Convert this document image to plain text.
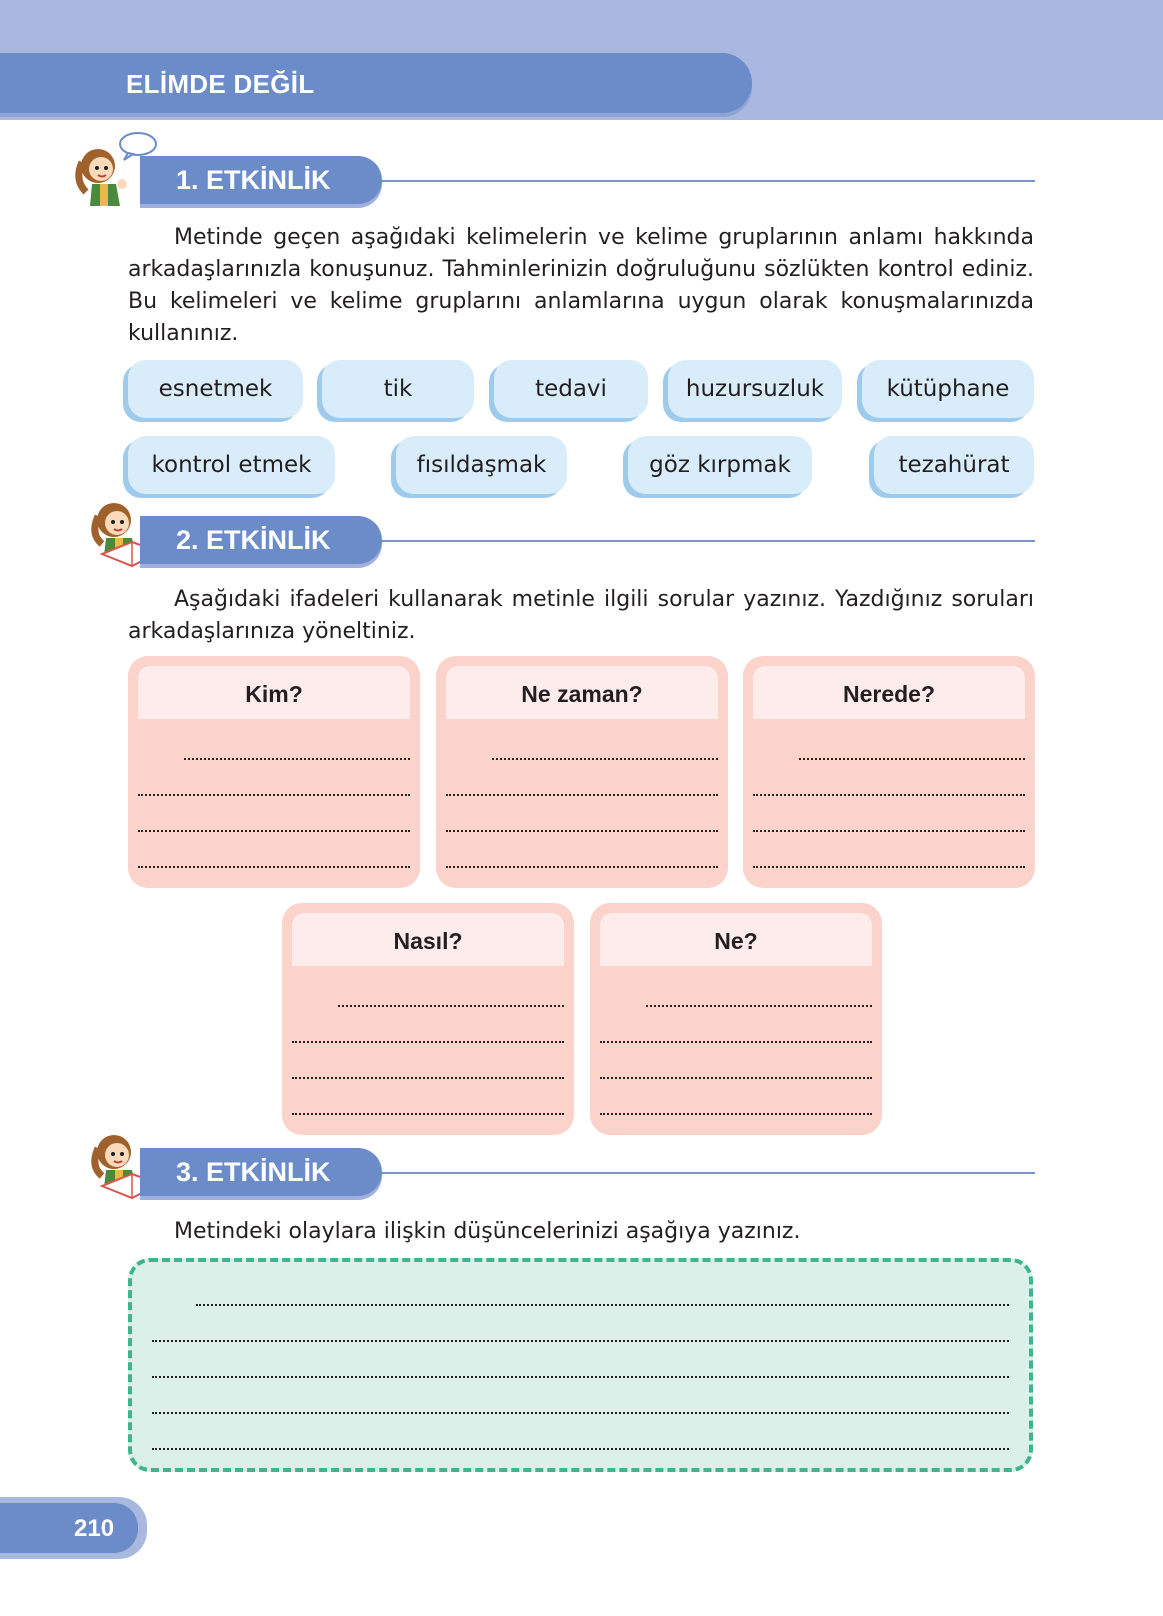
ELİMDE DEĞİL
1. ETKİNLİK

Metinde geçen aşağıdaki kelimelerin ve kelime gruplarının anlamı hakkında arkadaşlarınızla konuşunuz. Tahminlerinizin doğruluğunu sözlükten kontrol ediniz. Bu kelimeleri ve kelime gruplarını anlamlarına uygun olarak konuşmalarınızda kullanınız.

esnetmek	tik	tedavi	huzursuzluk	kütüphane
kontrol etmek	fısıldaşmak	göz kırpmak	tezahürat
2. ETKİNLİK

Aşağıdaki ifadeleri kullanarak metinle ilgili sorular yazınız. Yazdığınız soruları arkadaşlarınıza yöneltiniz.

Kim?	Ne zaman?	Nerede?
Nasıl?	Ne?
3. ETKİNLİK

Metindeki olaylara ilişkin düşüncelerinizi aşağıya yazınız.

210
